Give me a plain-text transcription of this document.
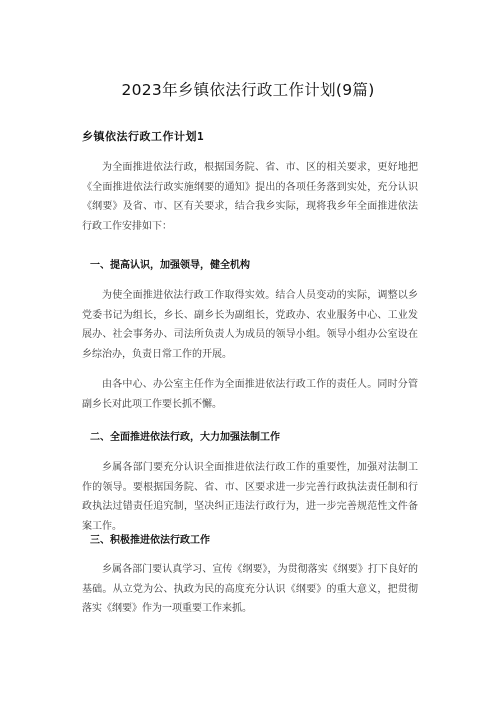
2023年乡镇依法行政工作计划(9篇)
乡镇依法行政工作计划1
为全面推进依法行政，根据国务院、省、市、区的相关要求，更好地把《全面推进依法行政实施纲要的通知》提出的各项任务落到实处，充分认识《纲要》及省、市、区有关要求，结合我乡实际，现将我乡年全面推进依法行政工作安排如下：
一、提高认识，加强领导，健全机构
为使全面推进依法行政工作取得实效。结合人员变动的实际，调整以乡党委书记为组长，乡长、副乡长为副组长，党政办、农业服务中心、工业发展办、社会事务办、司法所负责人为成员的领导小组。领导小组办公室设在乡综治办，负责日常工作的开展。
由各中心、办公室主任作为全面推进依法行政工作的责任人。同时分管副乡长对此项工作要长抓不懈。
二、全面推进依法行政，大力加强法制工作
乡属各部门要充分认识全面推进依法行政工作的重要性，加强对法制工作的领导。要根据国务院、省、市、区要求进一步完善行政执法责任制和行政执法过错责任追究制，坚决纠正违法行政行为，进一步完善规范性文件备案工作。
三、积极推进依法行政工作
乡属各部门要认真学习、宣传《纲要》，为贯彻落实《纲要》打下良好的基础。从立党为公、执政为民的高度充分认识《纲要》的重大意义，把贯彻落实《纲要》作为一项重要工作来抓。
